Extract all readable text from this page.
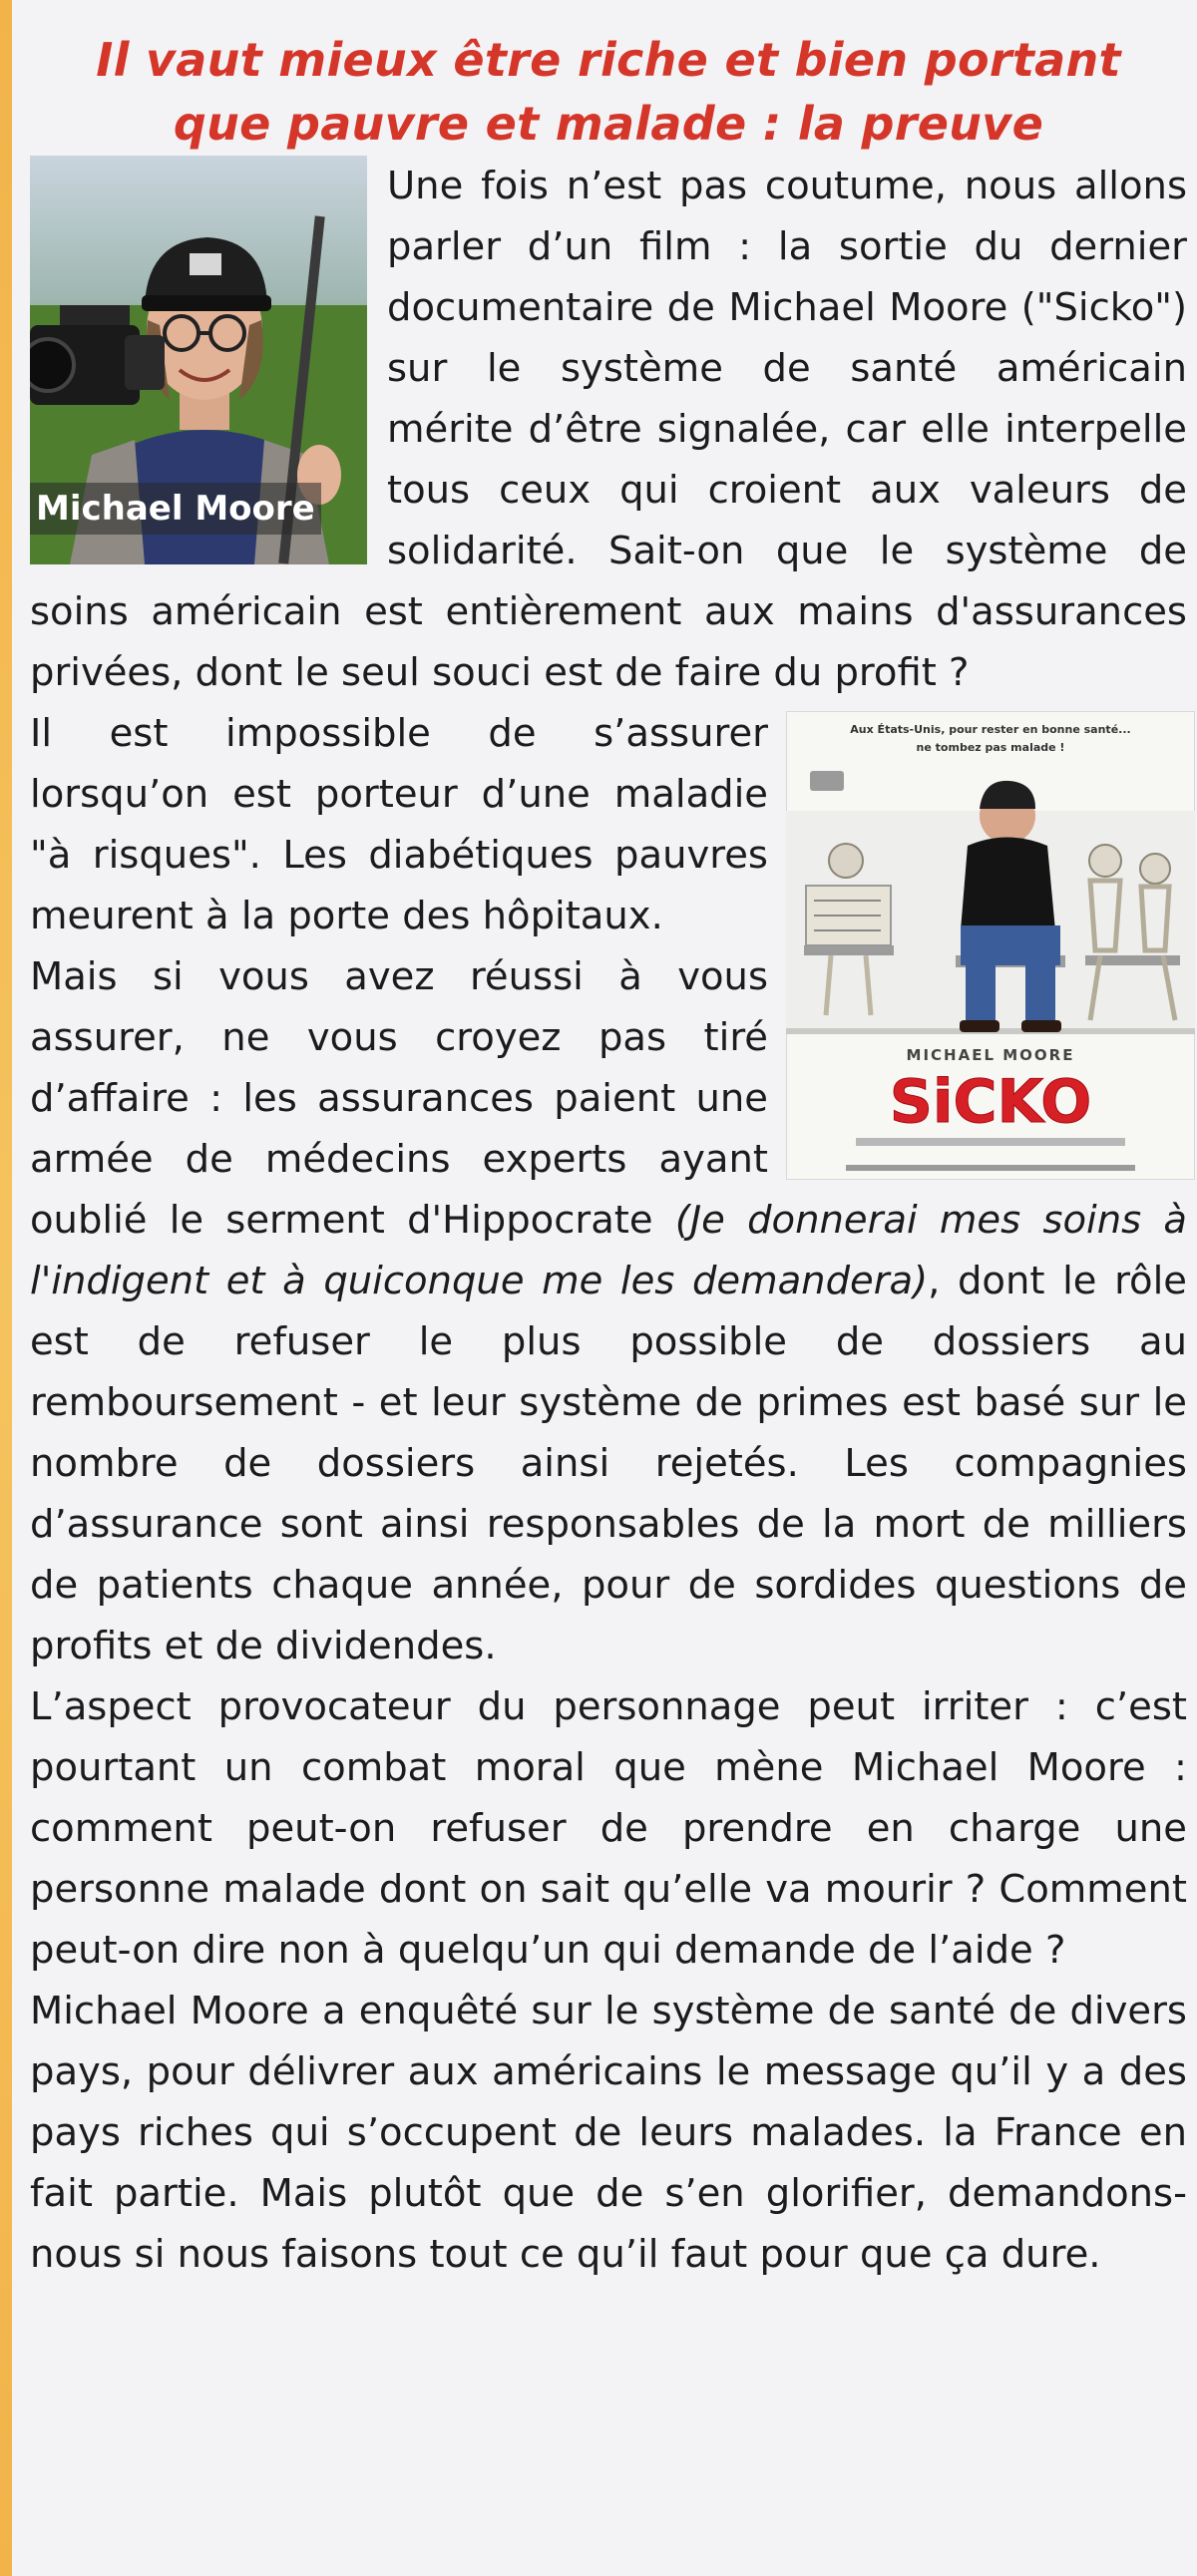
Il vaut mieux être riche et bien portant
que pauvre et malade : la preuve
Michael Moore

Une fois n’est pas coutume, nous allons parler d’un film : la sortie du dernier documentaire de Michael Moore ("Sicko") sur le système de santé américain mérite d’être signalée, car elle interpelle tous ceux qui croient aux valeurs de solidarité. Sait-on que le système de soins américain est entièrement aux mains d'assurances privées, dont le seul souci est de faire du profit ?

Aux États-Unis, pour rester en bonne santé...
ne tombez pas malade !
MICHAEL MOORE
SiCKO

Il est impossible de s’assurer lorsqu’on est porteur d’une maladie "à risques". Les diabétiques pauvres meurent à la porte des hôpitaux.

Mais si vous avez réussi à vous assurer, ne vous croyez pas tiré d’affaire : les assurances paient une armée de médecins experts ayant oublié le serment d'Hippocrate (Je donnerai mes soins à l'indigent et à quiconque me les demandera), dont le rôle est de refuser le plus possible de dossiers au remboursement - et leur système de primes est basé sur le nombre de dossiers ainsi rejetés. Les compagnies d’assurance sont ainsi responsables de la mort de milliers de patients chaque année, pour de sordides questions de profits et de dividendes.

L’aspect provocateur du personnage peut irriter : c’est pourtant un combat moral que mène Michael Moore : comment peut-on refuser de prendre en charge une personne malade dont on sait qu’elle va mourir ? Comment peut-on dire non à quelqu’un qui demande de l’aide ?

Michael Moore a enquêté sur le système de santé de divers pays, pour délivrer aux américains le message qu’il y a des pays riches qui s’occupent de leurs malades. la France en fait partie. Mais plutôt que de s’en glorifier, demandons- nous si nous faisons tout ce qu’il faut pour que ça dure.
